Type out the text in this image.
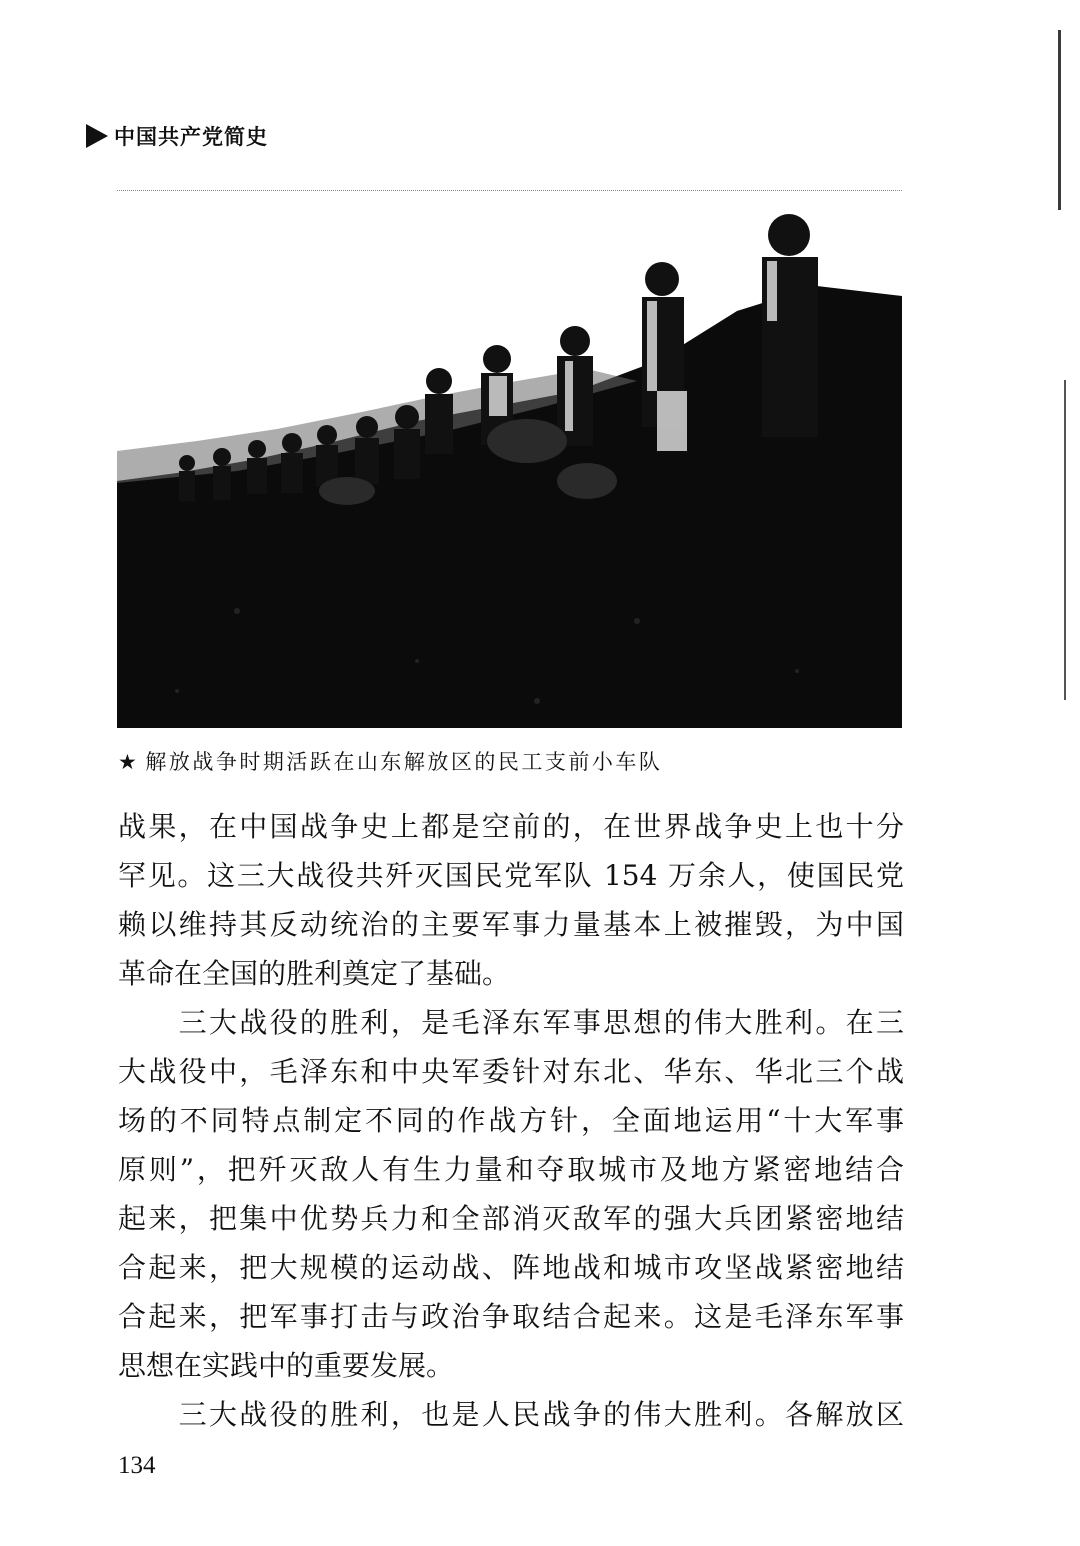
中国共产党简史
★ 解放战争时期活跃在山东解放区的民工支前小车队
战果，在中国战争史上都是空前的，在世界战争史上也十分
罕见。这三大战役共歼灭国民党军队 154 万余人，使国民党
赖以维持其反动统治的主要军事力量基本上被摧毁，为中国
革命在全国的胜利奠定了基础。
　　三大战役的胜利，是毛泽东军事思想的伟大胜利。在三
大战役中，毛泽东和中央军委针对东北、华东、华北三个战
场的不同特点制定不同的作战方针，全面地运用“十大军事
原则”，把歼灭敌人有生力量和夺取城市及地方紧密地结合
起来，把集中优势兵力和全部消灭敌军的强大兵团紧密地结
合起来，把大规模的运动战、阵地战和城市攻坚战紧密地结
合起来，把军事打击与政治争取结合起来。这是毛泽东军事
思想在实践中的重要发展。
　　三大战役的胜利，也是人民战争的伟大胜利。各解放区
134
